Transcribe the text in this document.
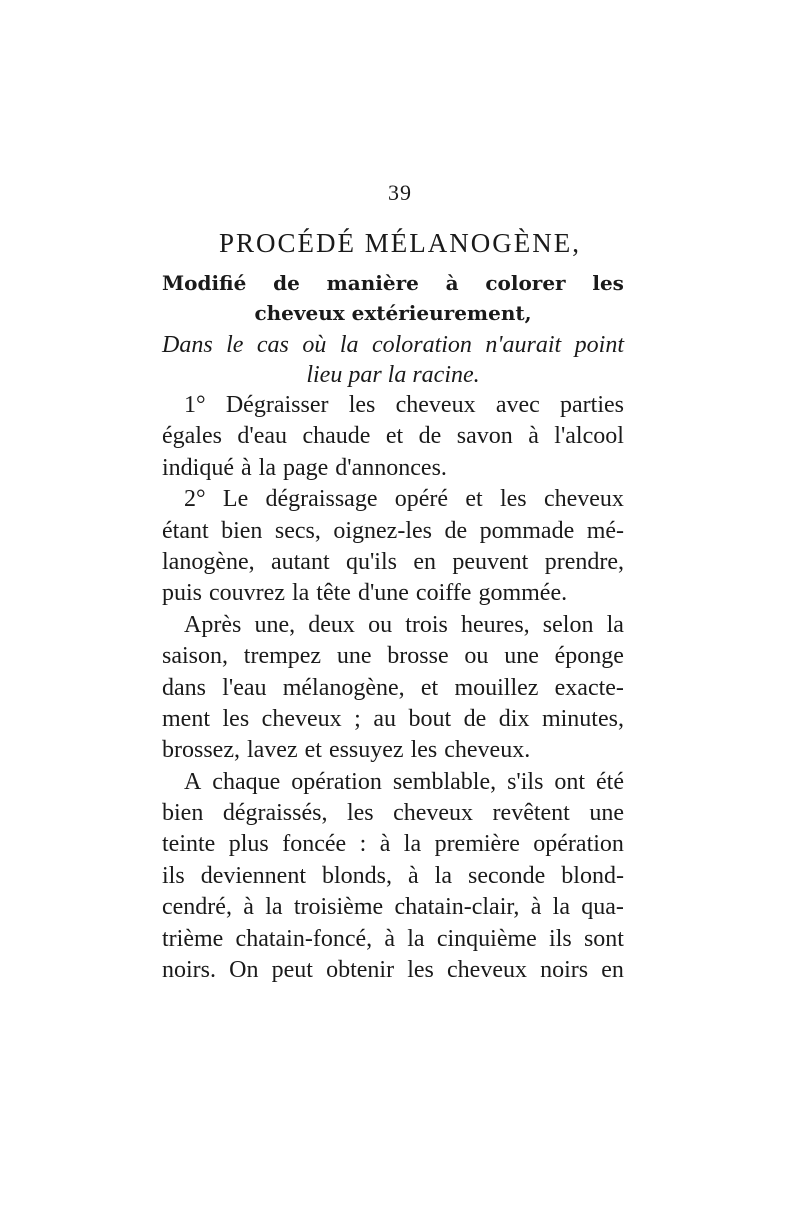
39
PROCÉDÉ MÉLANOGÈNE,
Modifié de manière à colorer les
cheveux extérieurement,
Dans le cas où la coloration n'aurait point
lieu par la racine.
1° Dégraisser les cheveux avec parties
égales d'eau chaude et de savon à l'alcool
indiqué à la page d'annonces.
2° Le dégraissage opéré et les cheveux
étant bien secs, oignez-les de pommade mé-
lanogène, autant qu'ils en peuvent prendre,
puis couvrez la tête d'une coiffe gommée.
Après une, deux ou trois heures, selon la
saison, trempez une brosse ou une éponge
dans l'eau mélanogène, et mouillez exacte-
ment les cheveux ; au bout de dix minutes,
brossez, lavez et essuyez les cheveux.
A chaque opération semblable, s'ils ont été
bien dégraissés, les cheveux revêtent une
teinte plus foncée : à la première opération
ils deviennent blonds, à la seconde blond-
cendré, à la troisième chatain-clair, à la qua-
trième chatain-foncé, à la cinquième ils sont
noirs. On peut obtenir les cheveux noirs en
